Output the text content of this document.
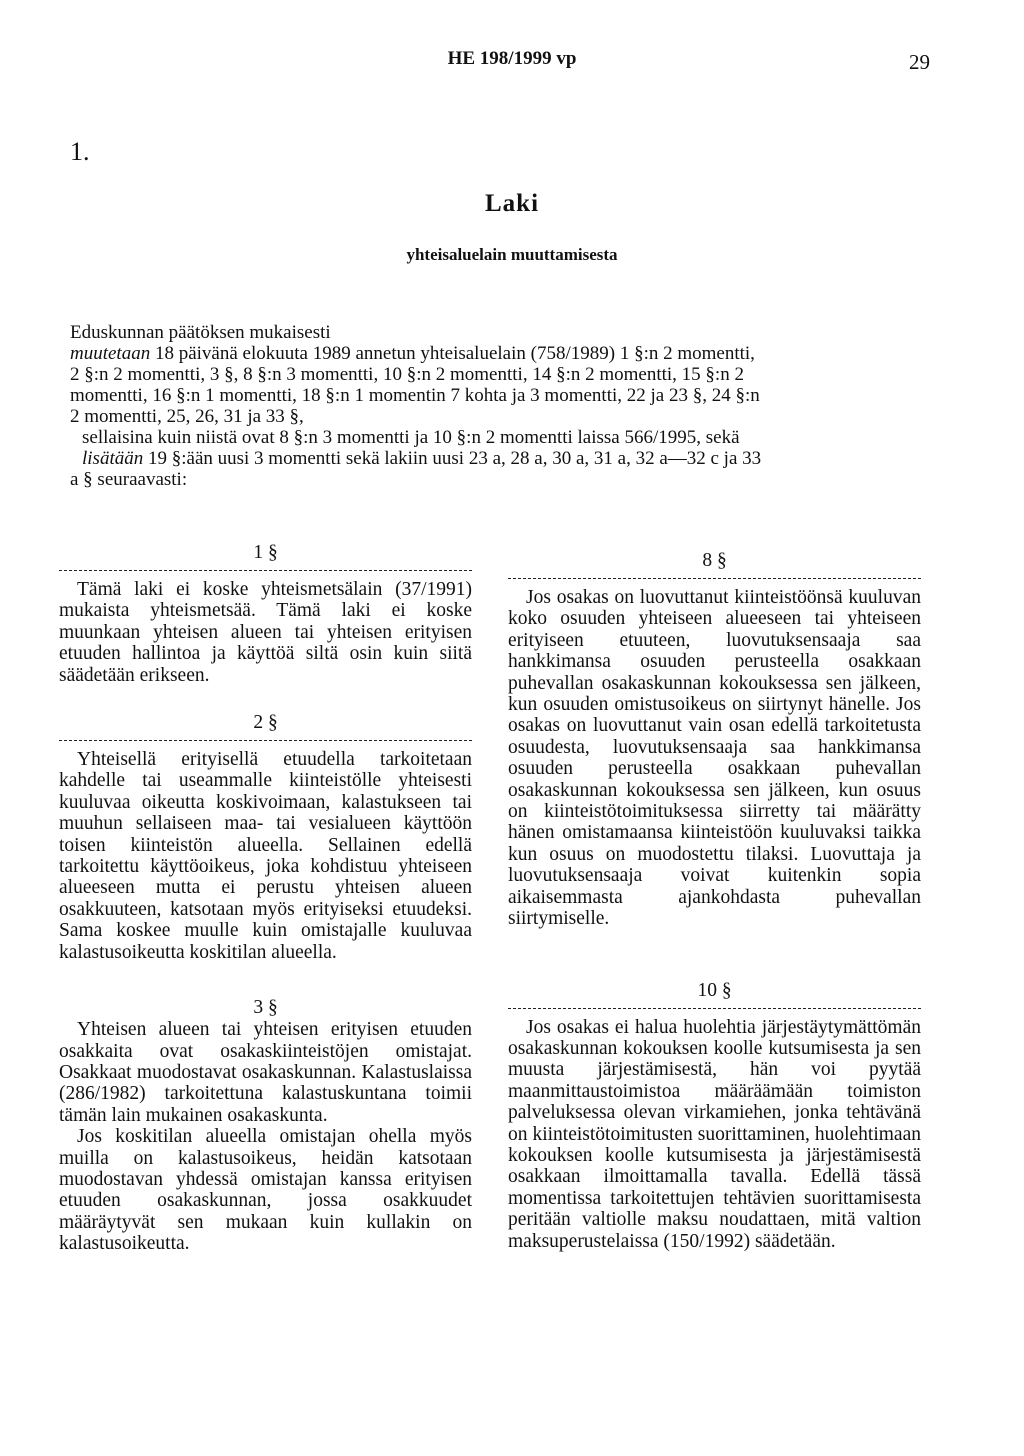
HE 198/1999 vp	29
1.
Laki
yhteisaluelain muuttamisesta
Eduskunnan päätöksen mukaisesti
muutetaan 18 päivänä elokuuta 1989 annetun yhteisaluelain (758/1989) 1 §:n 2 momentti,
2 §:n 2 momentti, 3 §, 8 §:n 3 momentti, 10 §:n 2 momentti, 14 §:n 2 momentti, 15 §:n 2
momentti, 16 §:n 1 momentti, 18 §:n 1 momentin 7 kohta ja 3 momentti, 22 ja 23 §, 24 §:n
2 momentti, 25, 26, 31 ja 33 §,
sellaisina kuin niistä ovat 8 §:n 3 momentti ja 10 §:n 2 momentti laissa 566/1995, sekä
lisätään 19 §:ään uusi 3 momentti sekä lakiin uusi 23 a, 28 a, 30 a, 31 a, 32 a—32 c ja 33
a § seuraavasti:
1 §

Tämä laki ei koske yhteismetsälain (37/1991) mukaista yhteismetsää. Tämä laki ei koske muunkaan yhteisen alueen tai yhteisen erityisen etuuden hallintoa ja käyttöä siltä osin kuin siitä säädetään erikseen.

2 §

Yhteisellä erityisellä etuudella tarkoitetaan kahdelle tai useammalle kiinteistölle yhteisesti kuuluvaa oikeutta koskivoimaan, kalastukseen tai muuhun sellaiseen maa- tai vesialueen käyttöön toisen kiinteistön alueella. Sellainen edellä tarkoitettu käyttöoikeus, joka kohdistuu yhteiseen alueeseen mutta ei perustu yhteisen alueen osakkuuteen, katsotaan myös erityiseksi etuudeksi. Sama koskee muulle kuin omistajalle kuuluvaa kalastusoikeutta koskitilan alueella.

3 §

Yhteisen alueen tai yhteisen erityisen etuuden osakkaita ovat osakaskiinteistöjen omistajat. Osakkaat muodostavat osakaskunnan. Kalastuslaissa (286/1982) tarkoitettuna kalastuskuntana toimii tämän lain mukainen osakaskunta.

Jos koskitilan alueella omistajan ohella myös muilla on kalastusoikeus, heidän katsotaan muodostavan yhdessä omistajan kanssa erityisen etuuden osakaskunnan, jossa osakkuudet määräytyvät sen mukaan kuin kullakin on kalastusoikeutta.

8 §

Jos osakas on luovuttanut kiinteistöönsä kuuluvan koko osuuden yhteiseen alueeseen tai yhteiseen erityiseen etuuteen, luovutuksensaaja saa hankkimansa osuuden perusteella osakkaan puhevallan osakaskunnan kokouksessa sen jälkeen, kun osuuden omistusoikeus on siirtynyt hänelle. Jos osakas on luovuttanut vain osan edellä tarkoitetusta osuudesta, luovutuksensaaja saa hankkimansa osuuden perusteella osakkaan puhevallan osakaskunnan kokouksessa sen jälkeen, kun osuus on kiinteistötoimituksessa siirretty tai määrätty hänen omistamaansa kiinteistöön kuuluvaksi taikka kun osuus on muodostettu tilaksi. Luovuttaja ja luovutuksensaaja voivat kuitenkin sopia aikaisemmasta ajankohdasta puhevallan siirtymiselle.

10 §

Jos osakas ei halua huolehtia järjestäytymättömän osakaskunnan kokouksen koolle kutsumisesta ja sen muusta järjestämisestä, hän voi pyytää maanmittaustoimistoa määräämään toimiston palveluksessa olevan virkamiehen, jonka tehtävänä on kiinteistötoimitusten suorittaminen, huolehtimaan kokouksen koolle kutsumisesta ja järjestämisestä osakkaan ilmoittamalla tavalla. Edellä tässä momentissa tarkoitettujen tehtävien suorittamisesta peritään valtiolle maksu noudattaen, mitä valtion maksuperustelaissa (150/1992) säädetään.
